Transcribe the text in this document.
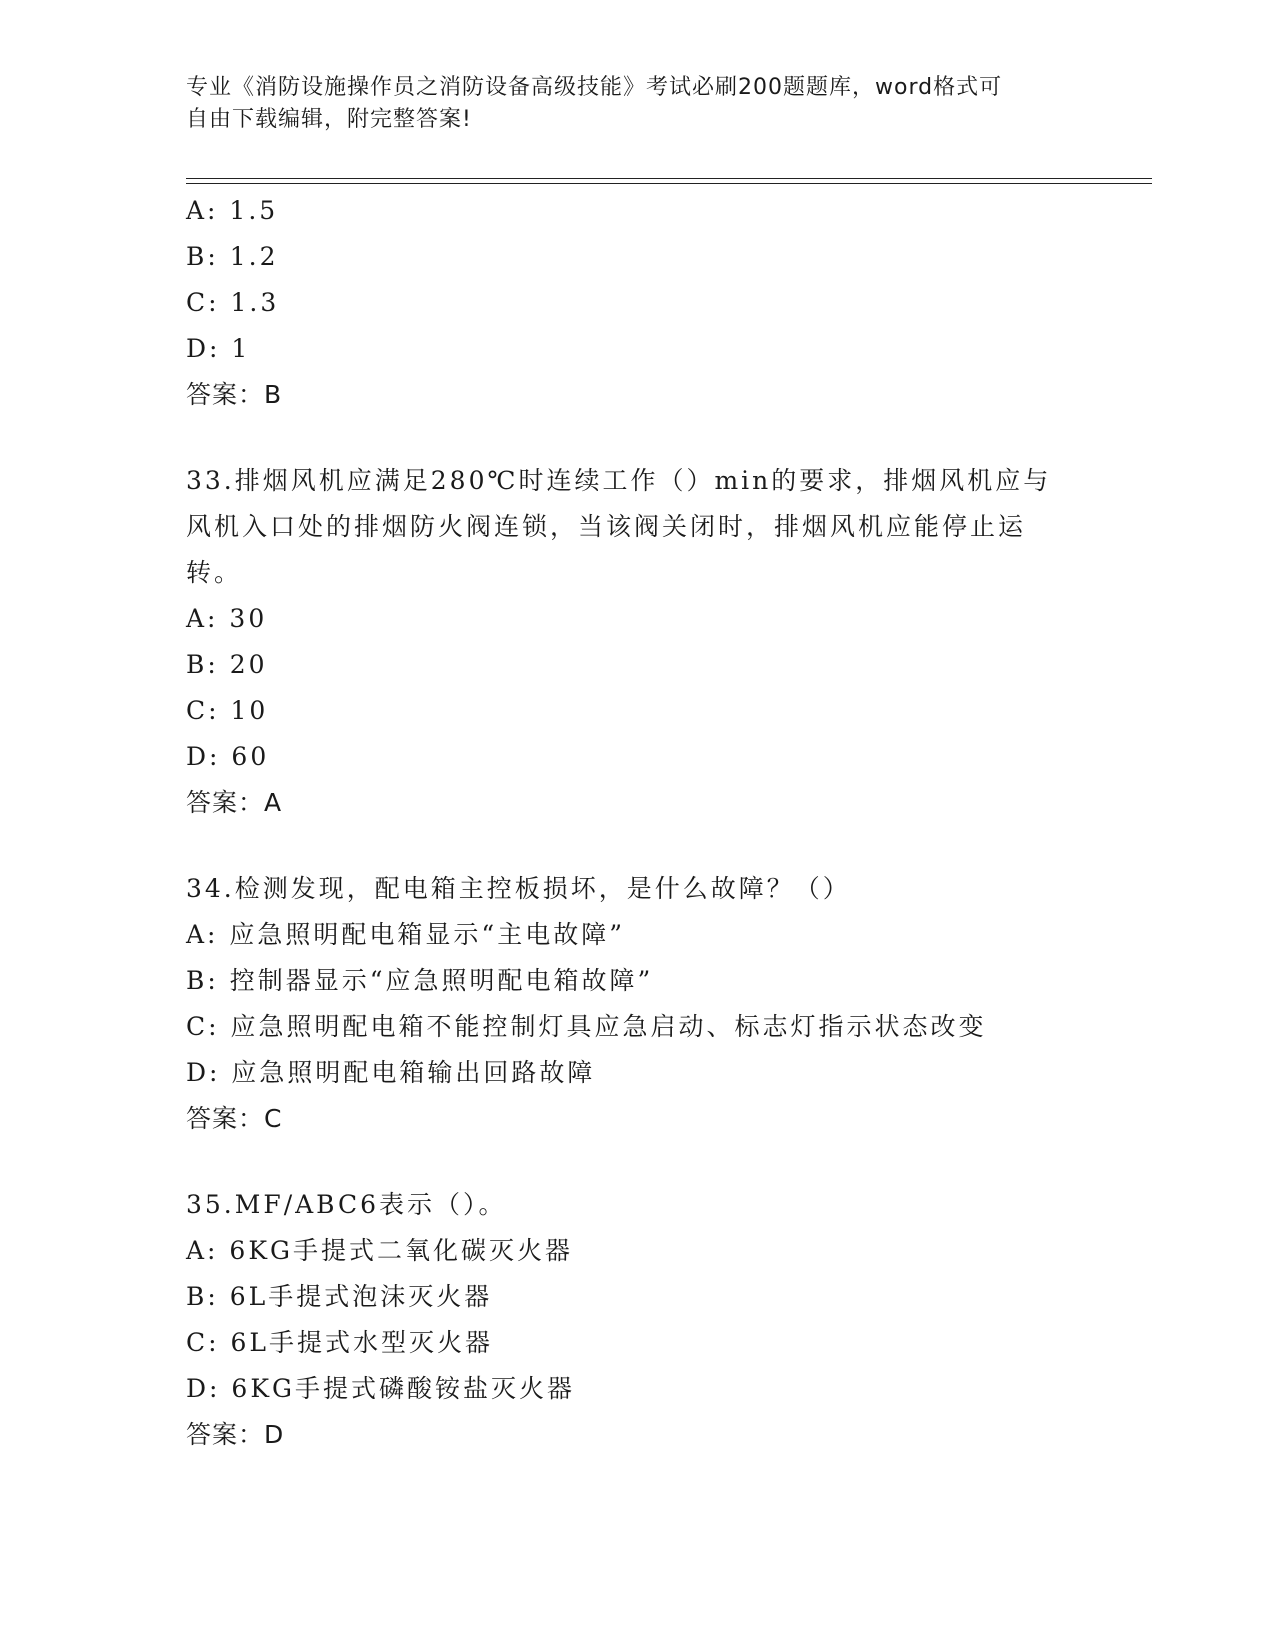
专业《消防设施操作员之消防设备高级技能》考试必刷200题题库，word格式可
自由下载编辑，附完整答案!
A: 1.5
B: 1.2
C: 1.3
D: 1
答案：B
33.排烟风机应满足280℃时连续工作（）min的要求，排烟风机应与
风机入口处的排烟防火阀连锁，当该阀关闭时，排烟风机应能停止运
转。
A: 30
B: 20
C: 10
D: 60
答案：A
34.检测发现，配电箱主控板损坏，是什么故障？（）
A: 应急照明配电箱显示“主电故障”
B: 控制器显示“应急照明配电箱故障”
C: 应急照明配电箱不能控制灯具应急启动、标志灯指示状态改变
D: 应急照明配电箱输出回路故障
答案：C
35.MF/ABC6表示（）。
A: 6KG手提式二氧化碳灭火器
B: 6L手提式泡沫灭火器
C: 6L手提式水型灭火器
D: 6KG手提式磷酸铵盐灭火器
答案：D
